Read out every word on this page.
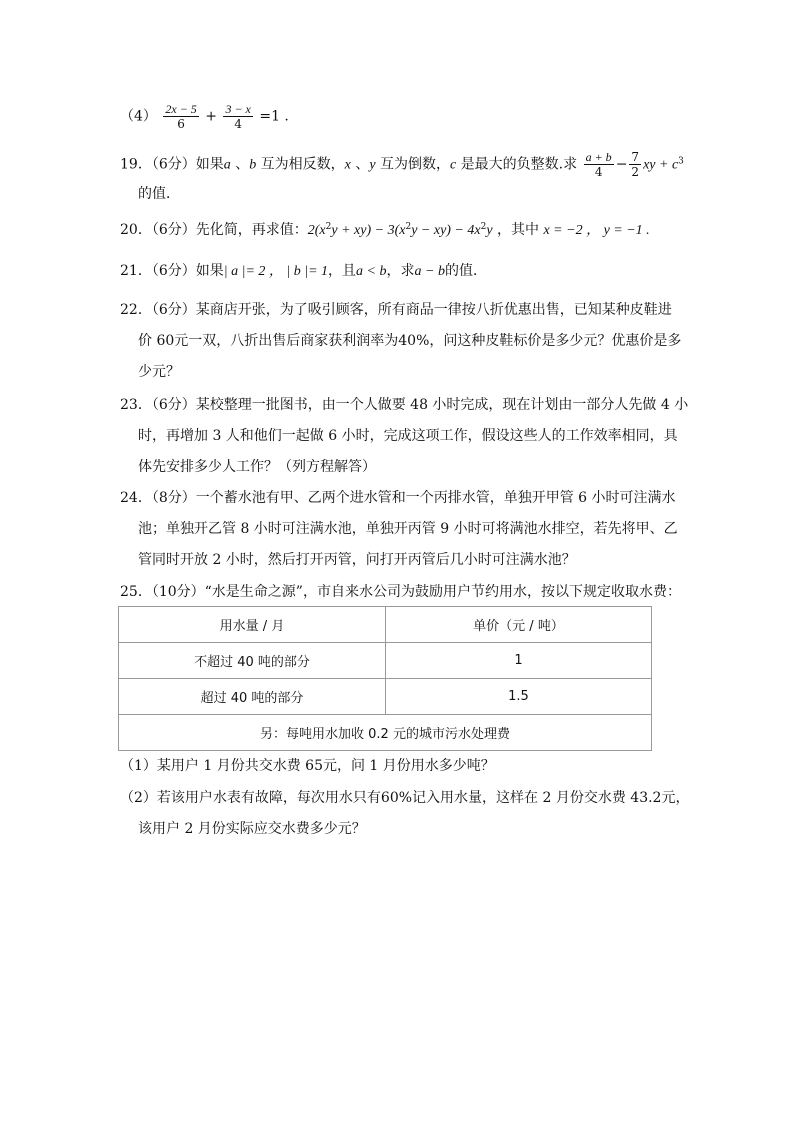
$(4) \frac{2x - 5}{6} + \frac{3 - x}{4} =1$ .
19．（6分）如果a 、b 互为相反数，x 、y 互为倒数，c 是最大的负整数.求 $\frac{a + b}{4} - \frac{7}{2}$ xy + $c^3$
的值．
20．（6分）先化简，再求值：$2(x^2y + xy) - 3(x^2y - xy) - 4x^2y$ ，其中 x = −2 ， y = −1 .
21．（6分）如果| a |= 2 ， | b |= 1，且a < b，求a − b的值．
22．（6分）某商店开张，为了吸引顾客，所有商品一律按八折优惠出售，已知某种皮鞋进
价 60元一双，八折出售后商家获利润率为40%，问这种皮鞋标价是多少元？优惠价是多
少元？
23．（6分）某校整理一批图书，由一个人做要 48 小时完成，现在计划由一部分人先做 4 小
时，再增加 3 人和他们一起做 6 小时，完成这项工作，假设这些人的工作效率相同，具
体先安排多少人工作？（列方程解答）
24．（8分）一个蓄水池有甲、乙两个进水管和一个丙排水管，单独开甲管 6 小时可注满水
池；单独开乙管 8 小时可注满水池，单独开丙管 9 小时可将满池水排空，若先将甲、乙
管同时开放 2 小时，然后打开丙管，问打开丙管后几小时可注满水池？
25．（10分）“水是生命之源”，市自来水公司为鼓励用户节约用水，按以下规定收取水费：
用水量 / 月	单价（元 / 吨）
不超过 40 吨的部分	1
超过 40 吨的部分	1.5
另：每吨用水加收 0.2 元的城市污水处理费	
（1）某用户 1 月份共交水费 65元，问 1 月份用水多少吨？
（2）若该用户水表有故障，每次用水只有60%记入用水量，这样在 2 月份交水费 43.2元，
该用户 2 月份实际应交水费多少元？
